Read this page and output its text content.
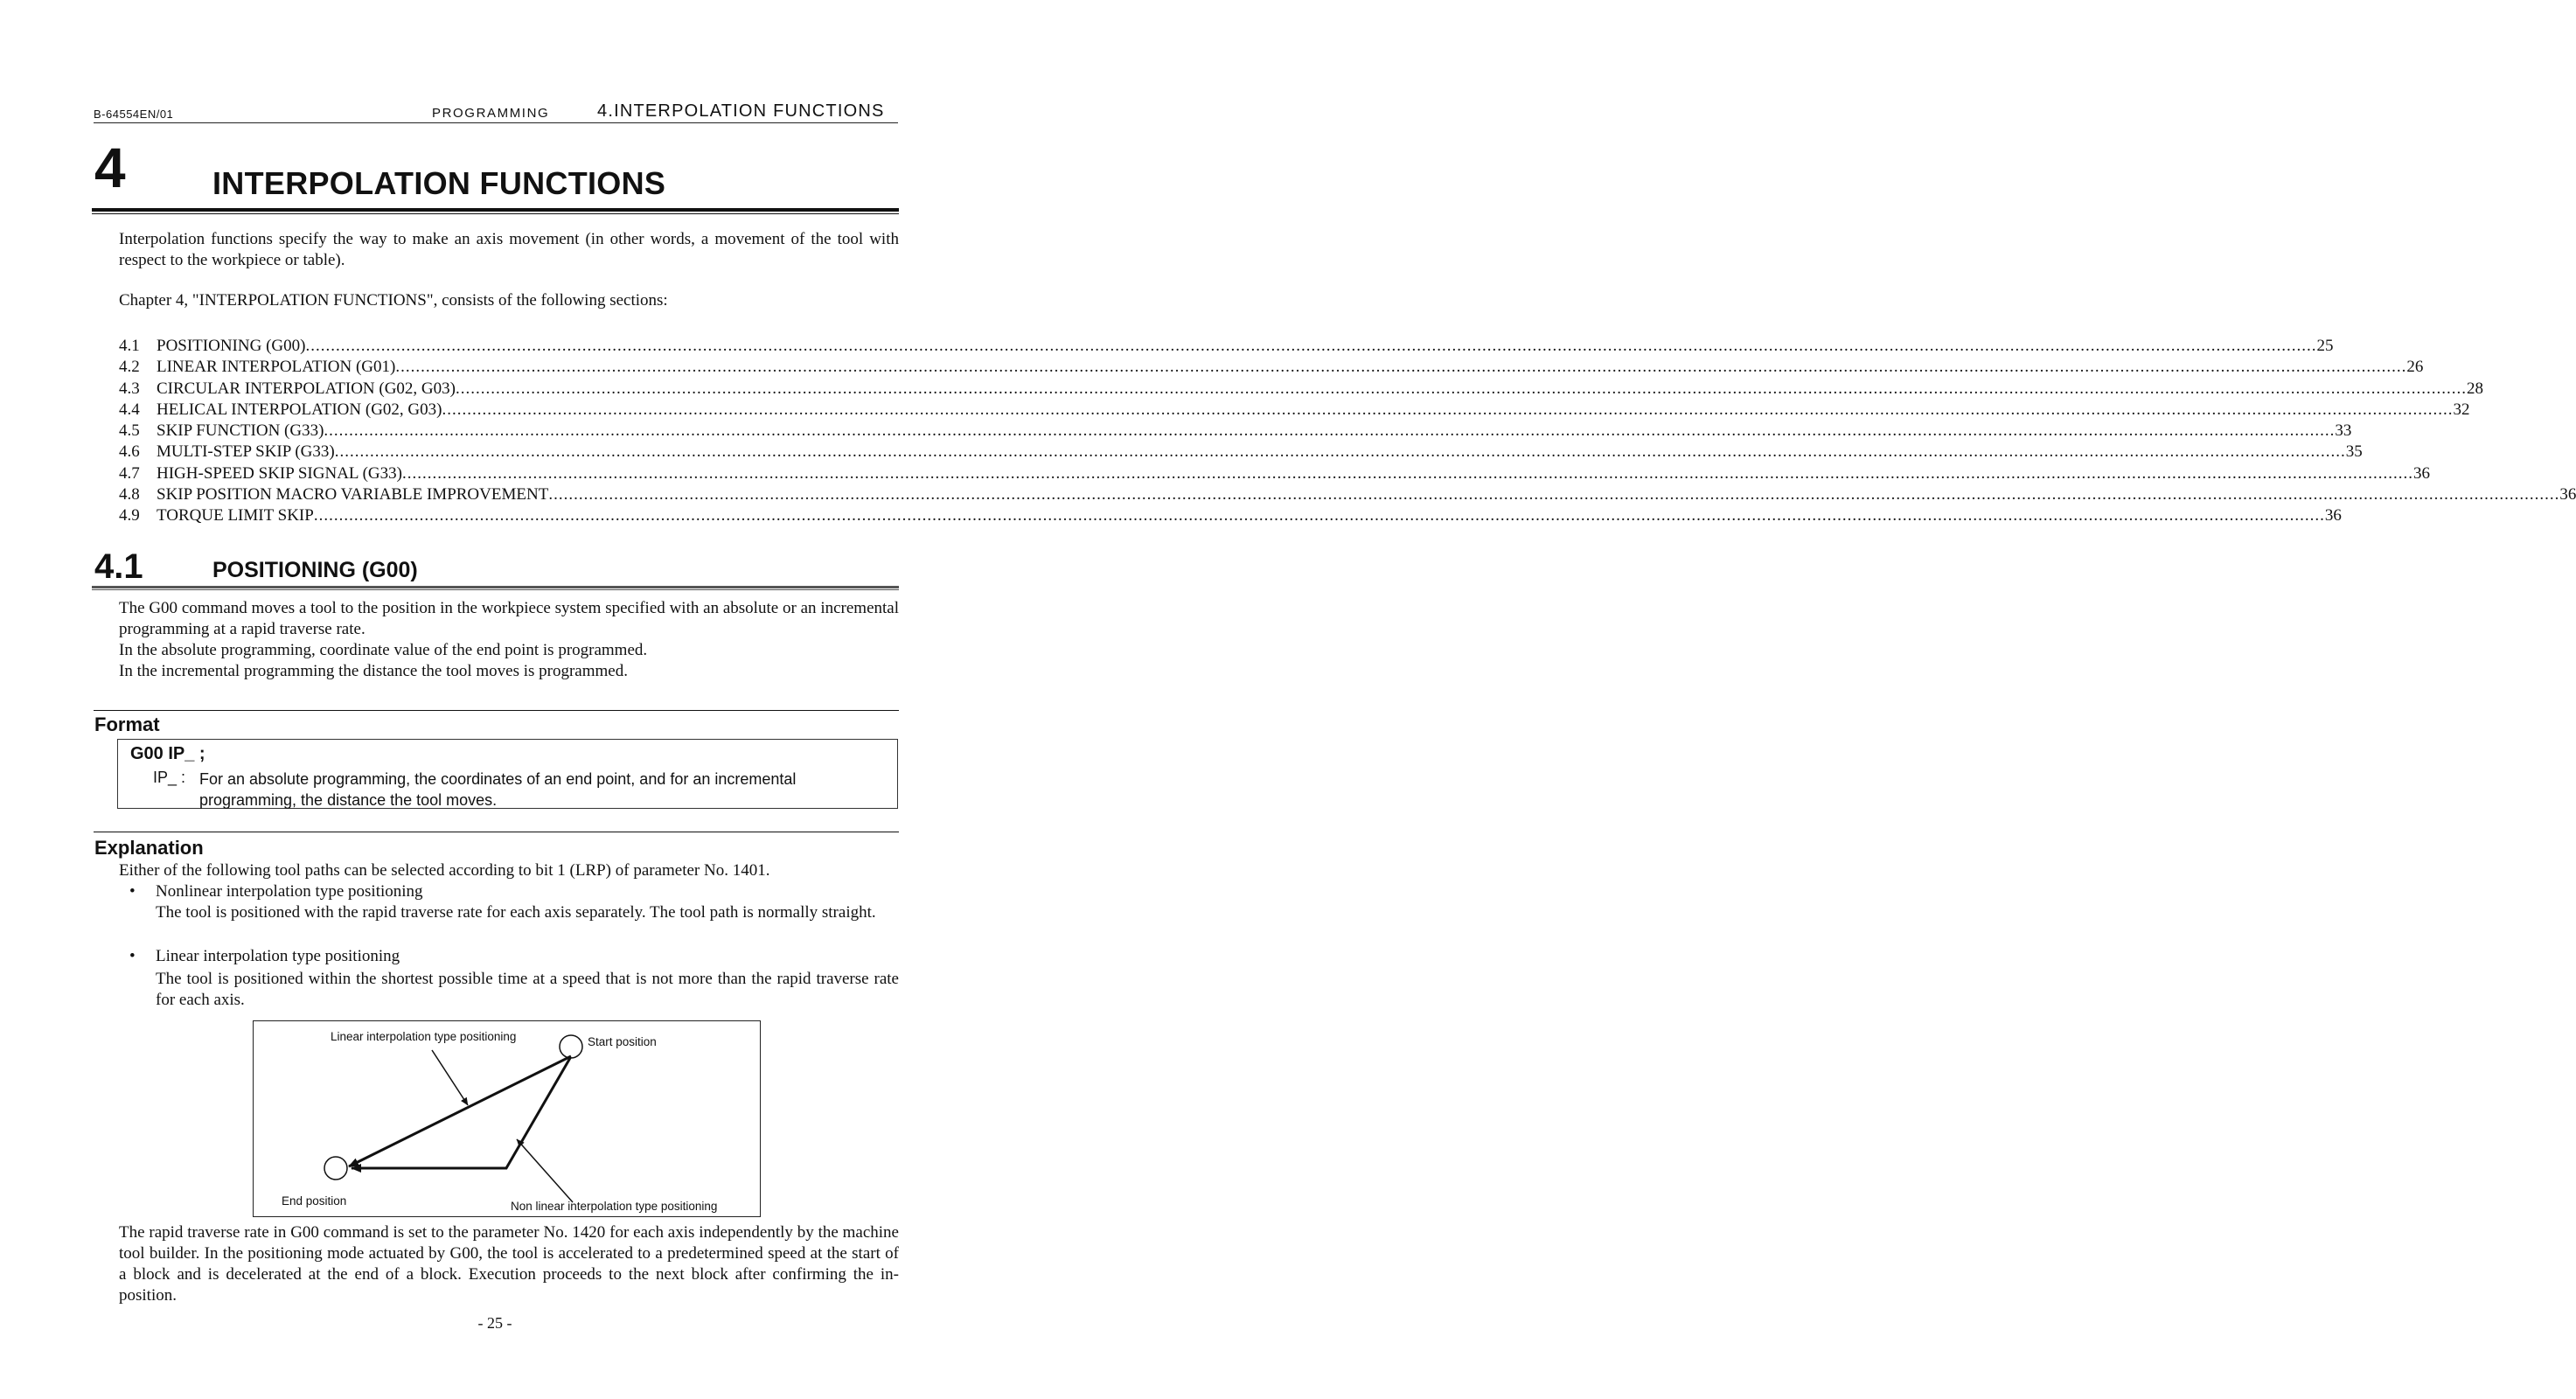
B-64554EN/01	PROGRAMMING	4.INTERPOLATION FUNCTIONS
4	INTERPOLATION FUNCTIONS

Interpolation functions specify the way to make an axis movement (in other words, a movement of the tool with respect to the workpiece or table).

Chapter 4, "INTERPOLATION FUNCTIONS", consists of the following sections:

4.1	POSITIONING (G00) ................................................................................................................................................................................................................................................................................................................................................................................................................ 25
4.2	LINEAR INTERPOLATION (G01) ................................................................................................................................................................................................................................................................................................................................................................................................................ 26
4.3	CIRCULAR INTERPOLATION (G02, G03) ................................................................................................................................................................................................................................................................................................................................................................................................................ 28
4.4	HELICAL INTERPOLATION (G02, G03) ................................................................................................................................................................................................................................................................................................................................................................................................................ 32
4.5	SKIP FUNCTION (G33) ................................................................................................................................................................................................................................................................................................................................................................................................................ 33
4.6	MULTI-STEP SKIP (G33) ................................................................................................................................................................................................................................................................................................................................................................................................................ 35
4.7	HIGH-SPEED SKIP SIGNAL (G33) ................................................................................................................................................................................................................................................................................................................................................................................................................ 36
4.8	SKIP POSITION MACRO VARIABLE IMPROVEMENT ................................................................................................................................................................................................................................................................................................................................................................................................................ 36
4.9	TORQUE LIMIT SKIP ................................................................................................................................................................................................................................................................................................................................................................................................................ 36
4.1	POSITIONING (G00)

The G00 command moves a tool to the position in the workpiece system specified with an absolute or an incremental programming at a rapid traverse rate.

In the absolute programming, coordinate value of the end point is programmed.

In the incremental programming the distance the tool moves is programmed.

Format
G00 IP_ ;
IP_ : For an absolute programming, the coordinates of an end point, and for an incremental programming, the distance the tool moves.
Explanation

Either of the following tool paths can be selected according to bit 1 (LRP) of parameter No. 1401.

• Nonlinear interpolation type positioning

The tool is positioned with the rapid traverse rate for each axis separately. The tool path is normally straight.

• Linear interpolation type positioning

The tool is positioned within the shortest possible time at a speed that is not more than the rapid traverse rate for each axis.

Linear interpolation type positioning	Start position
End position	Non linear interpolation type positioning

The rapid traverse rate in G00 command is set to the parameter No. 1420 for each axis independently by the machine tool builder. In the positioning mode actuated by G00, the tool is accelerated to a predetermined speed at the start of a block and is decelerated at the end of a block. Execution proceeds to the next block after confirming the in-position.

- 25 -
